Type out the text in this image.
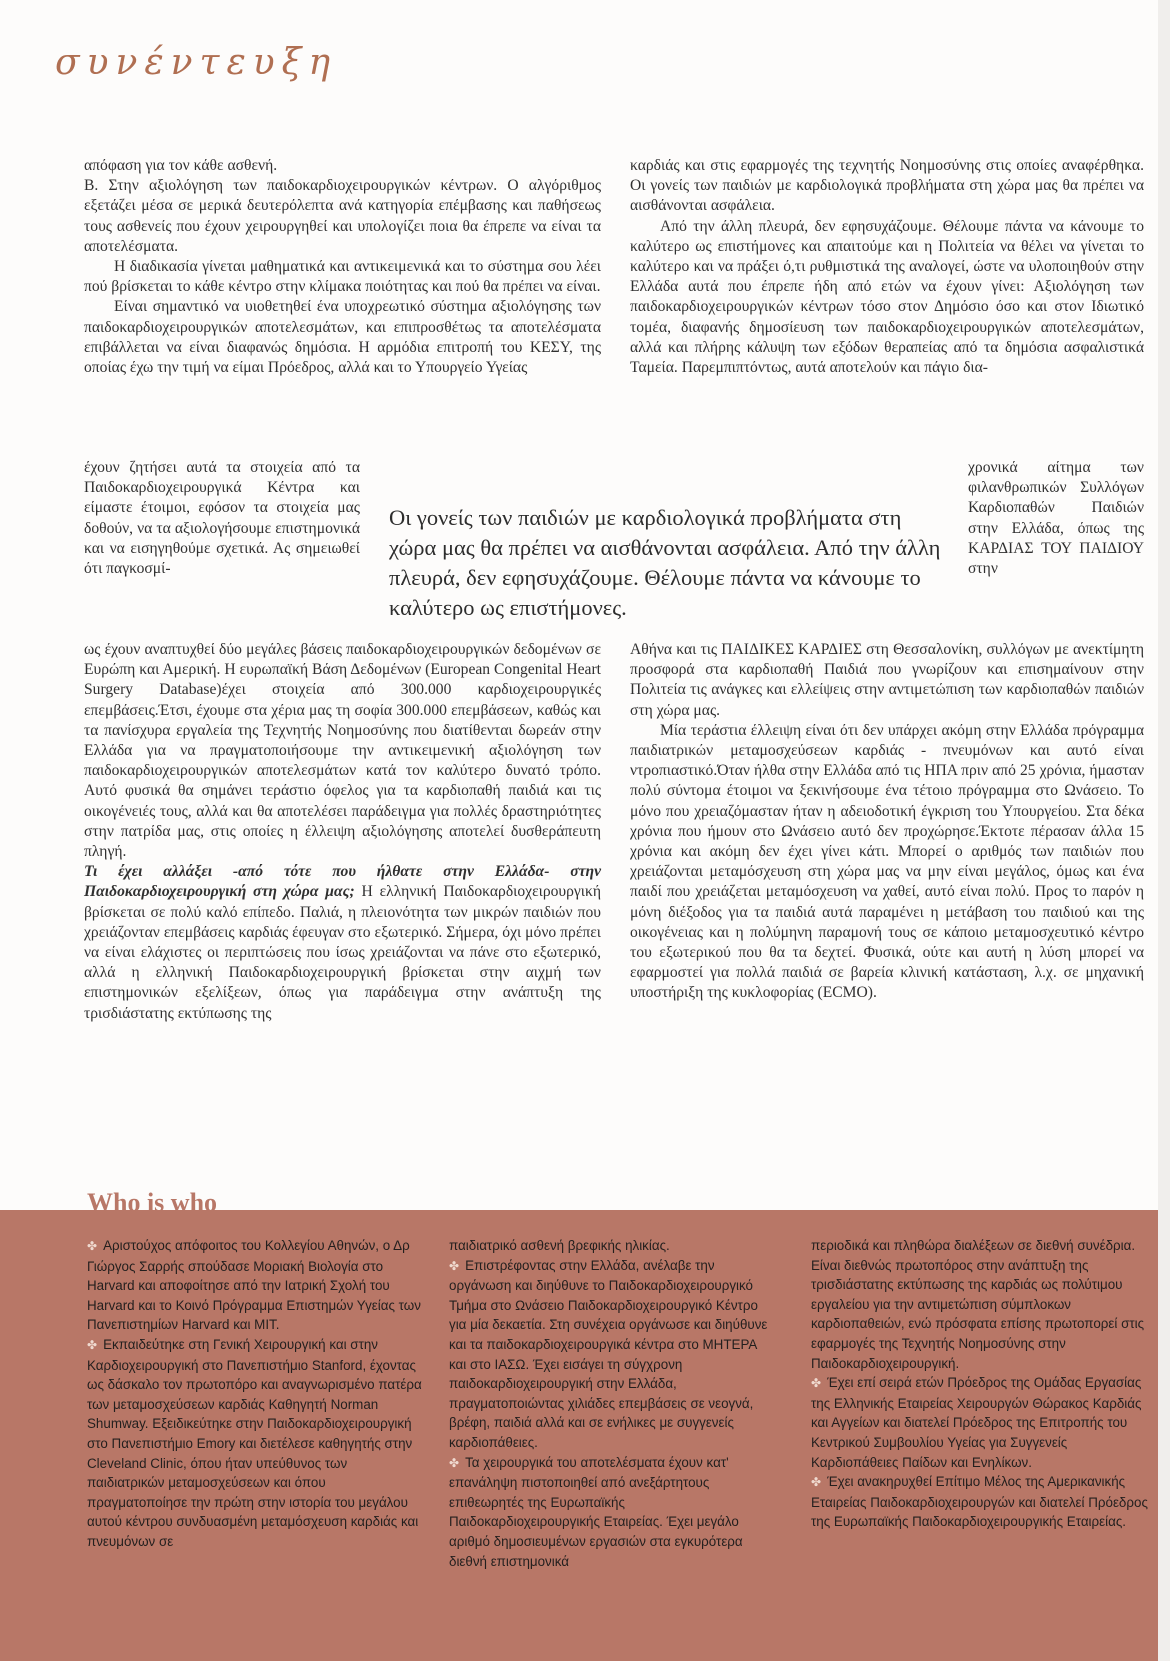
συνέντευξη

απόφαση για τον κάθε ασθενή.

B. Στην αξιολόγηση των παιδοκαρδιοχειρουργικών κέντρων. Ο αλγόριθμος εξετάζει μέσα σε μερικά δευτερόλεπτα ανά κατηγορία επέμβασης και παθήσεως τους ασθενείς που έχουν χειρουργηθεί και υπολογίζει ποια θα έπρεπε να είναι τα αποτελέσματα.

Η διαδικασία γίνεται μαθηματικά και αντικειμενικά και το σύστημα σου λέει πού βρίσκεται το κάθε κέντρο στην κλίμακα ποιότητας και πού θα πρέπει να είναι.

Είναι σημαντικό να υιοθετηθεί ένα υποχρεωτικό σύστημα αξιολόγησης των παιδοκαρδιοχειρουργικών αποτελεσμάτων, και επιπροσθέτως τα αποτελέσματα επιβάλλεται να είναι διαφανώς δημόσια. Η αρμόδια επιτροπή του ΚΕΣΥ, της οποίας έχω την τιμή να είμαι Πρόεδρος, αλλά και το Υπουργείο Υγείας

έχουν ζητήσει αυτά τα στοιχεία από τα Παιδοκαρδιοχειρουργικά Κέντρα και είμαστε έτοιμοι, εφόσον τα στοιχεία μας δοθούν, να τα αξιολογήσουμε επιστημονικά και να εισηγηθούμε σχετικά. Ας σημειωθεί ότι παγκοσμί-

ως έχουν αναπτυχθεί δύο μεγάλες βάσεις παιδοκαρδιοχειρουργικών δεδομένων σε Ευρώπη και Αμερική. Η ευρωπαϊκή Βάση Δεδομένων (European Congenital Heart Surgery Database)έχει στοιχεία από 300.000 καρδιοχειρουργικές επεμβάσεις.Έτσι, έχουμε στα χέρια μας τη σοφία 300.000 επεμβάσεων, καθώς και τα πανίσχυρα εργαλεία της Τεχνητής Νοημοσύνης που διατίθενται δωρεάν στην Ελλάδα για να πραγματοποιήσουμε την αντικειμενική αξιολόγηση των παιδοκαρδιοχειρουργικών αποτελεσμάτων κατά τον καλύτερο δυνατό τρόπο. Αυτό φυσικά θα σημάνει τεράστιο όφελος για τα καρδιοπαθή παιδιά και τις οικογένειές τους, αλλά και θα αποτελέσει παράδειγμα για πολλές δραστηριότητες στην πατρίδα μας, στις οποίες η έλλειψη αξιολόγησης αποτελεί δυσθεράπευτη πληγή.

Τι έχει αλλάξει -από τότε που ήλθατε στην Ελλάδα- στην Παιδοκαρδιοχειρουργική στη χώρα μας; Η ελληνική Παιδοκαρδιοχειρουργική βρίσκεται σε πολύ καλό επίπεδο. Παλιά, η πλειονότητα των μικρών παιδιών που χρειάζονταν επεμβάσεις καρδιάς έφευγαν στο εξωτερικό. Σήμερα, όχι μόνο πρέπει να είναι ελάχιστες οι περιπτώσεις που ίσως χρειάζονται να πάνε στο εξωτερικό, αλλά η ελληνική Παιδοκαρδιοχειρουργική βρίσκεται στην αιχμή των επιστημονικών εξελίξεων, όπως για παράδειγμα στην ανάπτυξη της τρισδιάστατης εκτύπωσης της

καρδιάς και στις εφαρμογές της τεχνητής Νοημοσύνης στις οποίες αναφέρθηκα. Οι γονείς των παιδιών με καρδιολογικά προβλήματα στη χώρα μας θα πρέπει να αισθάνονται ασφάλεια.

Από την άλλη πλευρά, δεν εφησυχάζουμε. Θέλουμε πάντα να κάνουμε το καλύτερο ως επιστήμονες και απαιτούμε και η Πολιτεία να θέλει να γίνεται το καλύτερο και να πράξει ό,τι ρυθμιστικά της αναλογεί, ώστε να υλοποιηθούν στην Ελλάδα αυτά που έπρεπε ήδη από ετών να έχουν γίνει: Αξιολόγηση των παιδοκαρδιοχειρουργικών κέντρων τόσο στον Δημόσιο όσο και στον Ιδιωτικό τομέα, διαφανής δημοσίευση των παιδοκαρδιοχειρουργικών αποτελεσμάτων, αλλά και πλήρης κάλυψη των εξόδων θεραπείας από τα δημόσια ασφαλιστικά Ταμεία. Παρεμπιπτόντως, αυτά αποτελούν και πάγιο δια-

χρονικά αίτημα των φιλανθρωπικών Συλλόγων Καρδιοπαθών Παιδιών στην Ελλάδα, όπως της ΚΑΡΔΙΑΣ ΤΟΥ ΠΑΙΔΙΟΥ στην

Αθήνα και τις ΠΑΙΔΙΚΕΣ ΚΑΡΔΙΕΣ στη Θεσσαλονίκη, συλλόγων με ανεκτίμητη προσφορά στα καρδιοπαθή Παιδιά που γνωρίζουν και επισημαίνουν στην Πολιτεία τις ανάγκες και ελλείψεις στην αντιμετώπιση των καρδιοπαθών παιδιών στη χώρα μας.

Μία τεράστια έλλειψη είναι ότι δεν υπάρχει ακόμη στην Ελλάδα πρόγραμμα παιδιατρικών μεταμοσχεύσεων καρδιάς - πνευμόνων και αυτό είναι ντροπιαστικό.Όταν ήλθα στην Ελλάδα από τις ΗΠΑ πριν από 25 χρόνια, ήμασταν πολύ σύντομα έτοιμοι να ξεκινήσουμε ένα τέτοιο πρόγραμμα στο Ωνάσειο. Το μόνο που χρειαζόμασταν ήταν η αδειοδοτική έγκριση του Υπουργείου. Στα δέκα χρόνια που ήμουν στο Ωνάσειο αυτό δεν προχώρησε.Έκτοτε πέρασαν άλλα 15 χρόνια και ακόμη δεν έχει γίνει κάτι. Μπορεί ο αριθμός των παιδιών που χρειάζονται μεταμόσχευση στη χώρα μας να μην είναι μεγάλος, όμως και ένα παιδί που χρειάζεται μεταμόσχευση να χαθεί, αυτό είναι πολύ. Προς το παρόν η μόνη διέξοδος για τα παιδιά αυτά παραμένει η μετάβαση του παιδιού και της οικογένειας και η πολύμηνη παραμονή τους σε κάποιο μεταμοσχευτικό κέντρο του εξωτερικού που θα τα δεχτεί. Φυσικά, ούτε και αυτή η λύση μπορεί να εφαρμοστεί για πολλά παιδιά σε βαρεία κλινική κατάσταση, λ.χ. σε μηχανική υποστήριξη της κυκλοφορίας (ECMO).

Οι γονείς των παιδιών με καρδιολογικά προβλήματα στη χώρα μας θα πρέπει να αισθάνονται ασφάλεια. Από την άλλη πλευρά, δεν εφησυχάζουμε. Θέλουμε πάντα να κάνουμε το καλύτερο ως επιστήμονες.

Who is who

✤ Αριστούχος απόφοιτος του Κολλεγίου Αθηνών, ο Δρ Γιώργος Σαρρής σπούδασε Μοριακή Βιολογία στο Harvard και αποφοίτησε από την Ιατρική Σχολή του Harvard και το Κοινό Πρόγραμμα Επιστημών Υγείας των Πανεπιστημίων Harvard και MIT.

✤ Εκπαιδεύτηκε στη Γενική Χειρουργική και στην Καρδιοχειρουργική στο Πανεπιστήμιο Stanford, έχοντας ως δάσκαλο τον πρωτοπόρο και αναγνωρισμένο πατέρα των μεταμοσχεύσεων καρδιάς Καθηγητή Norman Shumway. Εξειδικεύτηκε στην Παιδοκαρδιοχειρουργική στο Πανεπιστήμιο Emory και διετέλεσε καθηγητής στην Cleveland Clinic, όπου ήταν υπεύθυνος των παιδιατρικών μεταμοσχεύσεων και όπου πραγματοποίησε την πρώτη στην ιστορία του μεγάλου αυτού κέντρου συνδυασμένη μεταμόσχευση καρδιάς και πνευμόνων σε

παιδιατρικό ασθενή βρεφικής ηλικίας.

✤ Επιστρέφοντας στην Ελλάδα, ανέλαβε την οργάνωση και διηύθυνε το Παιδοκαρδιοχειρουργικό Τμήμα στο Ωνάσειο Παιδοκαρδιοχειρουργικό Κέντρο για μία δεκαετία. Στη συνέχεια οργάνωσε και διηύθυνε και τα παιδοκαρδιοχειρουργικά κέντρα στο ΜΗΤΕΡΑ και στο ΙΑΣΩ. Έχει εισάγει τη σύγχρονη παιδοκαρδιοχειρουργική στην Ελλάδα, πραγματοποιώντας χιλιάδες επεμβάσεις σε νεογνά, βρέφη, παιδιά αλλά και σε ενήλικες με συγγενείς καρδιοπάθειες.

✤ Τα χειρουργικά του αποτελέσματα έχουν κατ' επανάληψη πιστοποιηθεί από ανεξάρτητους επιθεωρητές της Ευρωπαϊκής Παιδοκαρδιοχειρουργικής Εταιρείας. Έχει μεγάλο αριθμό δημοσιευμένων εργασιών στα εγκυρότερα διεθνή επιστημονικά

περιοδικά και πληθώρα διαλέξεων σε διεθνή συνέδρια. Είναι διεθνώς πρωτοπόρος στην ανάπτυξη της τρισδιάστατης εκτύπωσης της καρδιάς ως πολύτιμου εργαλείου για την αντιμετώπιση σύμπλοκων καρδιοπαθειών, ενώ πρόσφατα επίσης πρωτοπορεί στις εφαρμογές της Τεχνητής Νοημοσύνης στην Παιδοκαρδιοχειρουργική.

✤ Έχει επί σειρά ετών Πρόεδρος της Ομάδας Εργασίας της Ελληνικής Εταιρείας Χειρουργών Θώρακος Καρδιάς και Αγγείων και διατελεί Πρόεδρος της Επιτροπής του Κεντρικού Συμβουλίου Υγείας για Συγγενείς Καρδιοπάθειες Παίδων και Ενηλίκων.

✤ Έχει ανακηρυχθεί Επίτιμο Μέλος της Αμερικανικής Εταιρείας Παιδοκαρδιοχειρουργών και διατελεί Πρόεδρος της Ευρωπαϊκής Παιδοκαρδιοχειρουργικής Εταιρείας.
